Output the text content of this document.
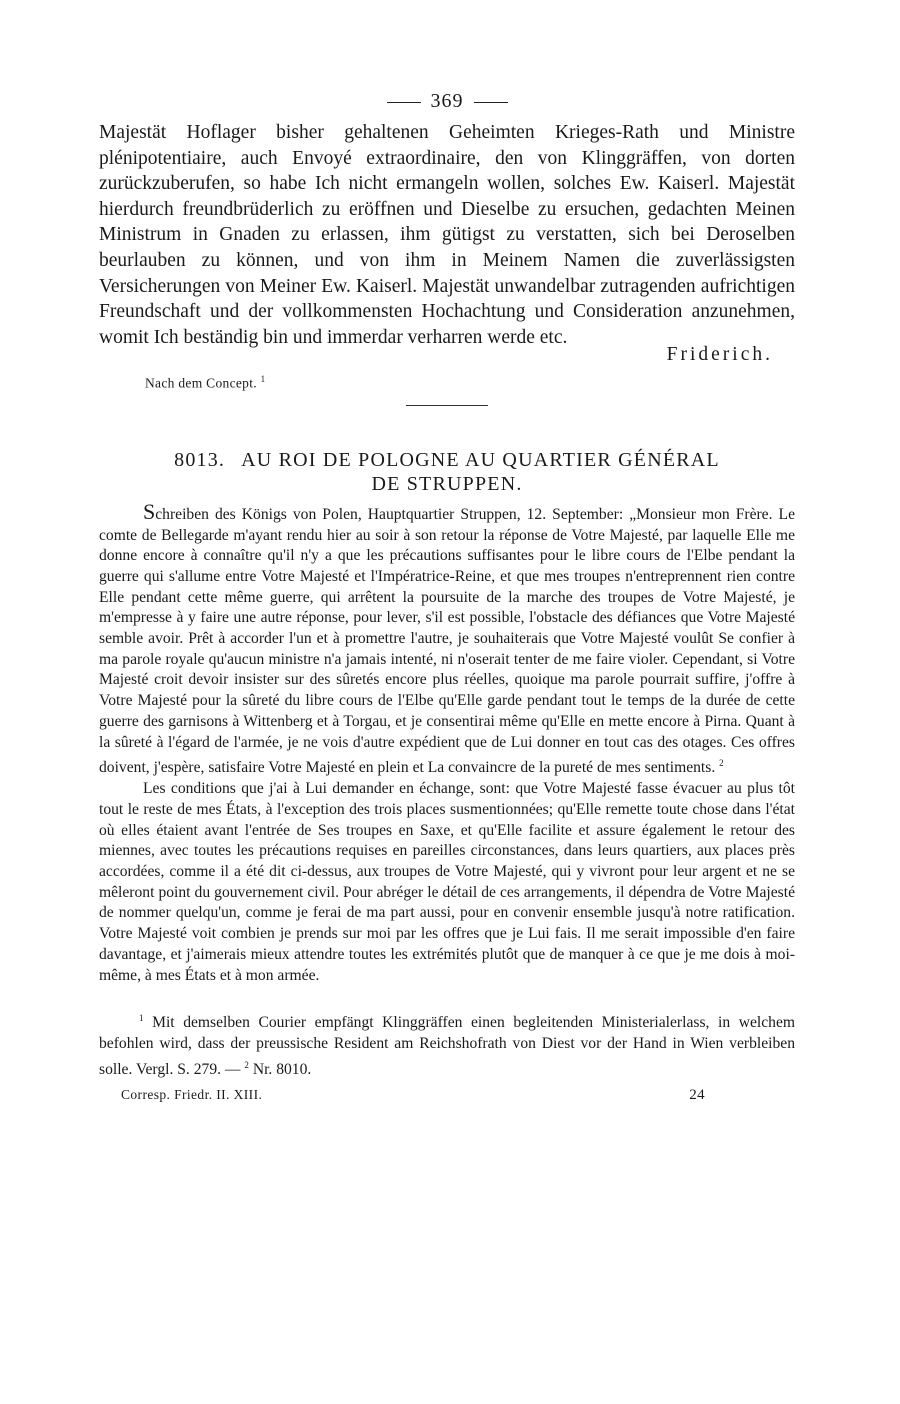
369

Majestät Hoflager bisher gehaltenen Geheimten Krieges-Rath und Ministre plénipotentiaire, auch Envoyé extraordinaire, den von Klinggräffen, von dorten zurückzuberufen, so habe Ich nicht ermangeln wollen, solches Ew. Kaiserl. Majestät hierdurch freundbrüderlich zu eröffnen und Dieselbe zu ersuchen, gedachten Meinen Ministrum in Gnaden zu erlassen, ihm gütigst zu verstatten, sich bei Deroselben beurlauben zu können, und von ihm in Meinem Namen die zuverlässigsten Versicherungen von Meiner Ew. Kaiserl. Majestät unwandelbar zutragenden aufrichtigen Freundschaft und der vollkommensten Hochachtung und Consideration anzunehmen, womit Ich beständig bin und immerdar verharren werde etc.

Friderich.
Nach dem Concept. $^1$
8013. AU ROI DE POLOGNE AU QUARTIER GÉNÉRAL
DE STRUPPEN.

Schreiben des Königs von Polen, Hauptquartier Struppen, 12. September: „Monsieur mon Frère. Le comte de Bellegarde m'ayant rendu hier au soir à son retour la réponse de Votre Majesté, par laquelle Elle me donne encore à connaître qu'il n'y a que les précautions suffisantes pour le libre cours de l'Elbe pendant la guerre qui s'allume entre Votre Majesté et l'Impératrice-Reine, et que mes troupes n'entreprennent rien contre Elle pendant cette même guerre, qui arrêtent la poursuite de la marche des troupes de Votre Majesté, je m'empresse à y faire une autre réponse, pour lever, s'il est possible, l'obstacle des défiances que Votre Majesté semble avoir. Prêt à accorder l'un et à promettre l'autre, je souhaiterais que Votre Majesté voulût Se confier à ma parole royale qu'aucun ministre n'a jamais intenté, ni n'oserait tenter de me faire violer. Cependant, si Votre Majesté croit devoir insister sur des sûretés encore plus réelles, quoique ma parole pourrait suffire, j'offre à Votre Majesté pour la sûreté du libre cours de l'Elbe qu'Elle garde pendant tout le temps de la durée de cette guerre des garnisons à Wittenberg et à Torgau, et je consentirai même qu'Elle en mette encore à Pirna. Quant à la sûreté à l'égard de l'armée, je ne vois d'autre expédient que de Lui donner en tout cas des otages. Ces offres doivent, j'espère, satisfaire Votre Majesté en plein et La convaincre de la pureté de mes sentiments. $^2$

Les conditions que j'ai à Lui demander en échange, sont: que Votre Majesté fasse évacuer au plus tôt tout le reste de mes États, à l'exception des trois places susmentionnées; qu'Elle remette toute chose dans l'état où elles étaient avant l'entrée de Ses troupes en Saxe, et qu'Elle facilite et assure également le retour des miennes, avec toutes les précautions requises en pareilles circonstances, dans leurs quartiers, aux places près accordées, comme il a été dit ci-dessus, aux troupes de Votre Majesté, qui y vivront pour leur argent et ne se mêleront point du gouvernement civil. Pour abréger le détail de ces arrangements, il dépendra de Votre Majesté de nommer quelqu'un, comme je ferai de ma part aussi, pour en convenir ensemble jusqu'à notre ratification. Votre Majesté voit combien je prends sur moi par les offres que je Lui fais. Il me serait impossible d'en faire davantage, et j'aimerais mieux attendre toutes les extrémités plutôt que de manquer à ce que je me dois à moi-même, à mes États et à mon armée.

$^1$ Mit demselben Courier empfängt Klinggräffen einen begleitenden Ministerialerlass, in welchem befohlen wird, dass der preussische Resident am Reichshofrath von Diest vor der Hand in Wien verbleiben solle. Vergl. S. 279. — $^2$ Nr. 8010.
Corresp. Friedr. II. XIII.	24
